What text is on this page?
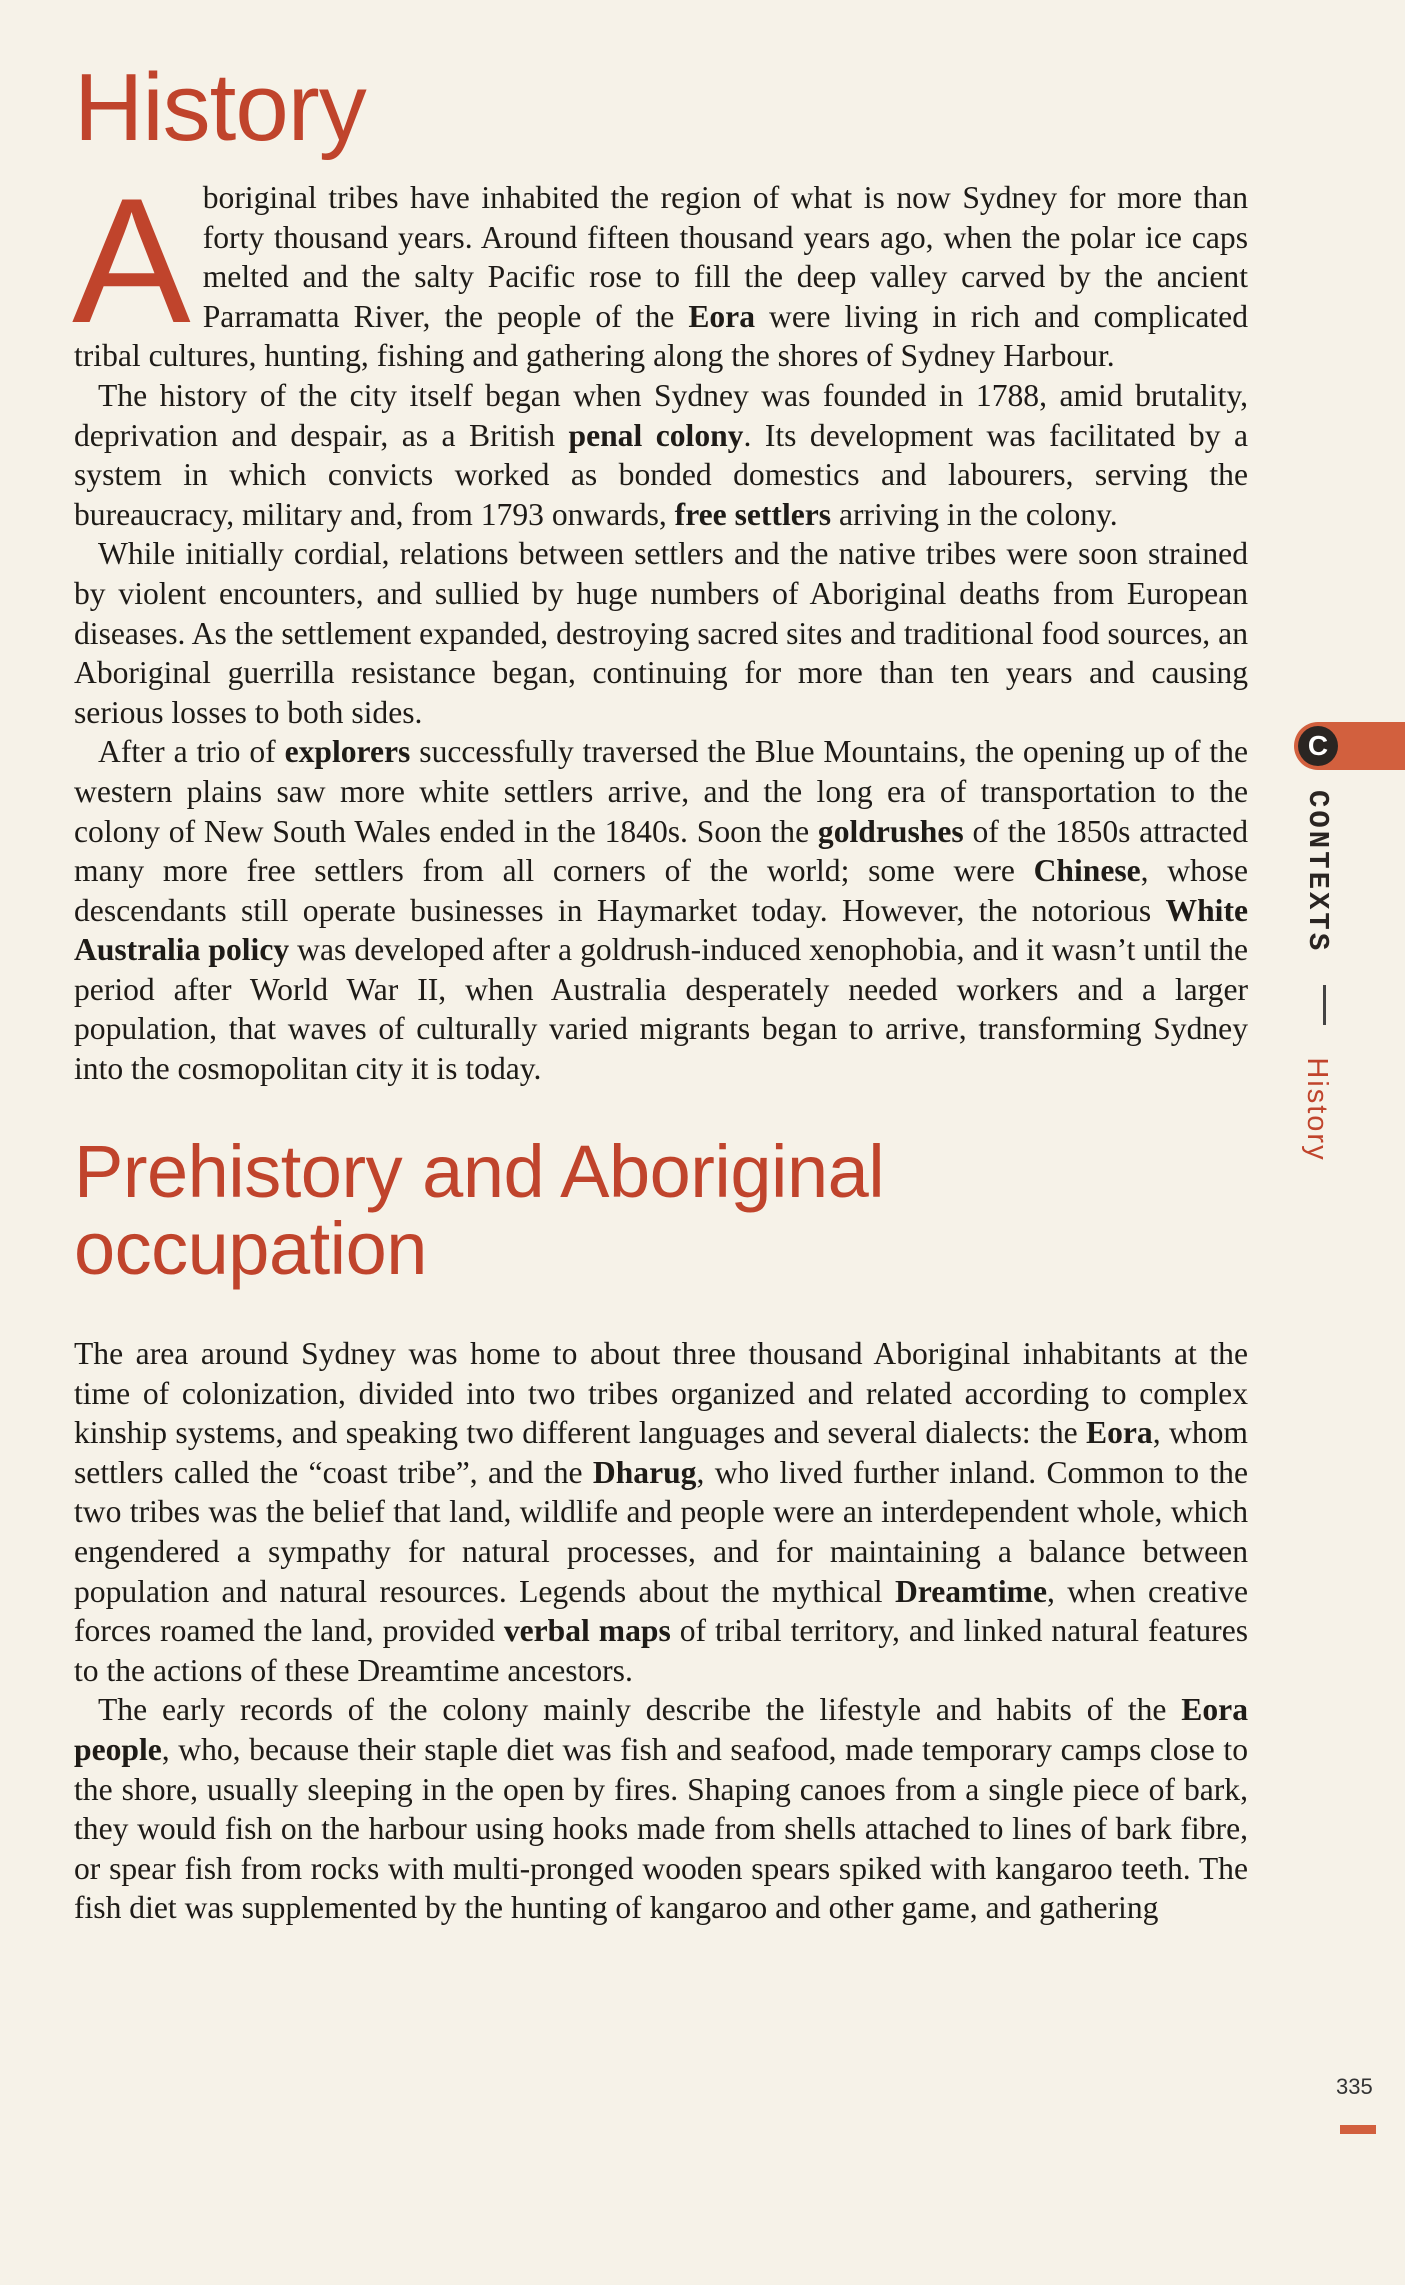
History

Aboriginal tribes have inhabited the region of what is now Sydney for more than forty thousand years. Around fifteen thousand years ago, when the polar ice caps melted and the salty Pacific rose to fill the deep valley carved by the ancient Parramatta River, the people of the Eora were living in rich and complicated tribal cultures, hunting, fishing and gathering along the shores of Sydney Harbour.

The history of the city itself began when Sydney was founded in 1788, amid brutality, deprivation and despair, as a British penal colony. Its development was facilitated by a system in which convicts worked as bonded domestics and labourers, serving the bureaucracy, military and, from 1793 onwards, free settlers arriving in the colony.

While initially cordial, relations between settlers and the native tribes were soon strained by violent encounters, and sullied by huge numbers of Aboriginal deaths from European diseases. As the settlement expanded, destroying sacred sites and traditional food sources, an Aboriginal guerrilla resistance began, continuing for more than ten years and causing serious losses to both sides.

After a trio of explorers successfully traversed the Blue Mountains, the opening up of the western plains saw more white settlers arrive, and the long era of transportation to the colony of New South Wales ended in the 1840s. Soon the goldrushes of the 1850s attracted many more free settlers from all corners of the world; some were Chinese, whose descendants still operate businesses in Haymarket today. However, the notorious White Australia policy was developed after a goldrush-induced xenophobia, and it wasn’t until the period after World War II, when Australia desperately needed workers and a larger population, that waves of culturally varied migrants began to arrive, transforming Sydney into the cosmopolitan city it is today.

Prehistory and Aboriginal occupation

The area around Sydney was home to about three thousand Aboriginal inhabitants at the time of colonization, divided into two tribes organized and related according to complex kinship systems, and speaking two different languages and several dialects: the Eora, whom settlers called the “coast tribe”, and the Dharug, who lived further inland. Common to the two tribes was the belief that land, wildlife and people were an interdependent whole, which engendered a sympathy for natural processes, and for maintaining a balance between population and natural resources. Legends about the mythical Dreamtime, when creative forces roamed the land, provided verbal maps of tribal territory, and linked natural features to the actions of these Dreamtime ancestors.

The early records of the colony mainly describe the lifestyle and habits of the Eora people, who, because their staple diet was fish and seafood, made temporary camps close to the shore, usually sleeping in the open by fires. Shaping canoes from a single piece of bark, they would fish on the harbour using hooks made from shells attached to lines of bark fibre, or spear fish from rocks with multi-pronged wooden spears spiked with kangaroo teeth. The fish diet was supplemented by the hunting of kangaroo and other game, and gathering

C
CONTEXTS  History
335
